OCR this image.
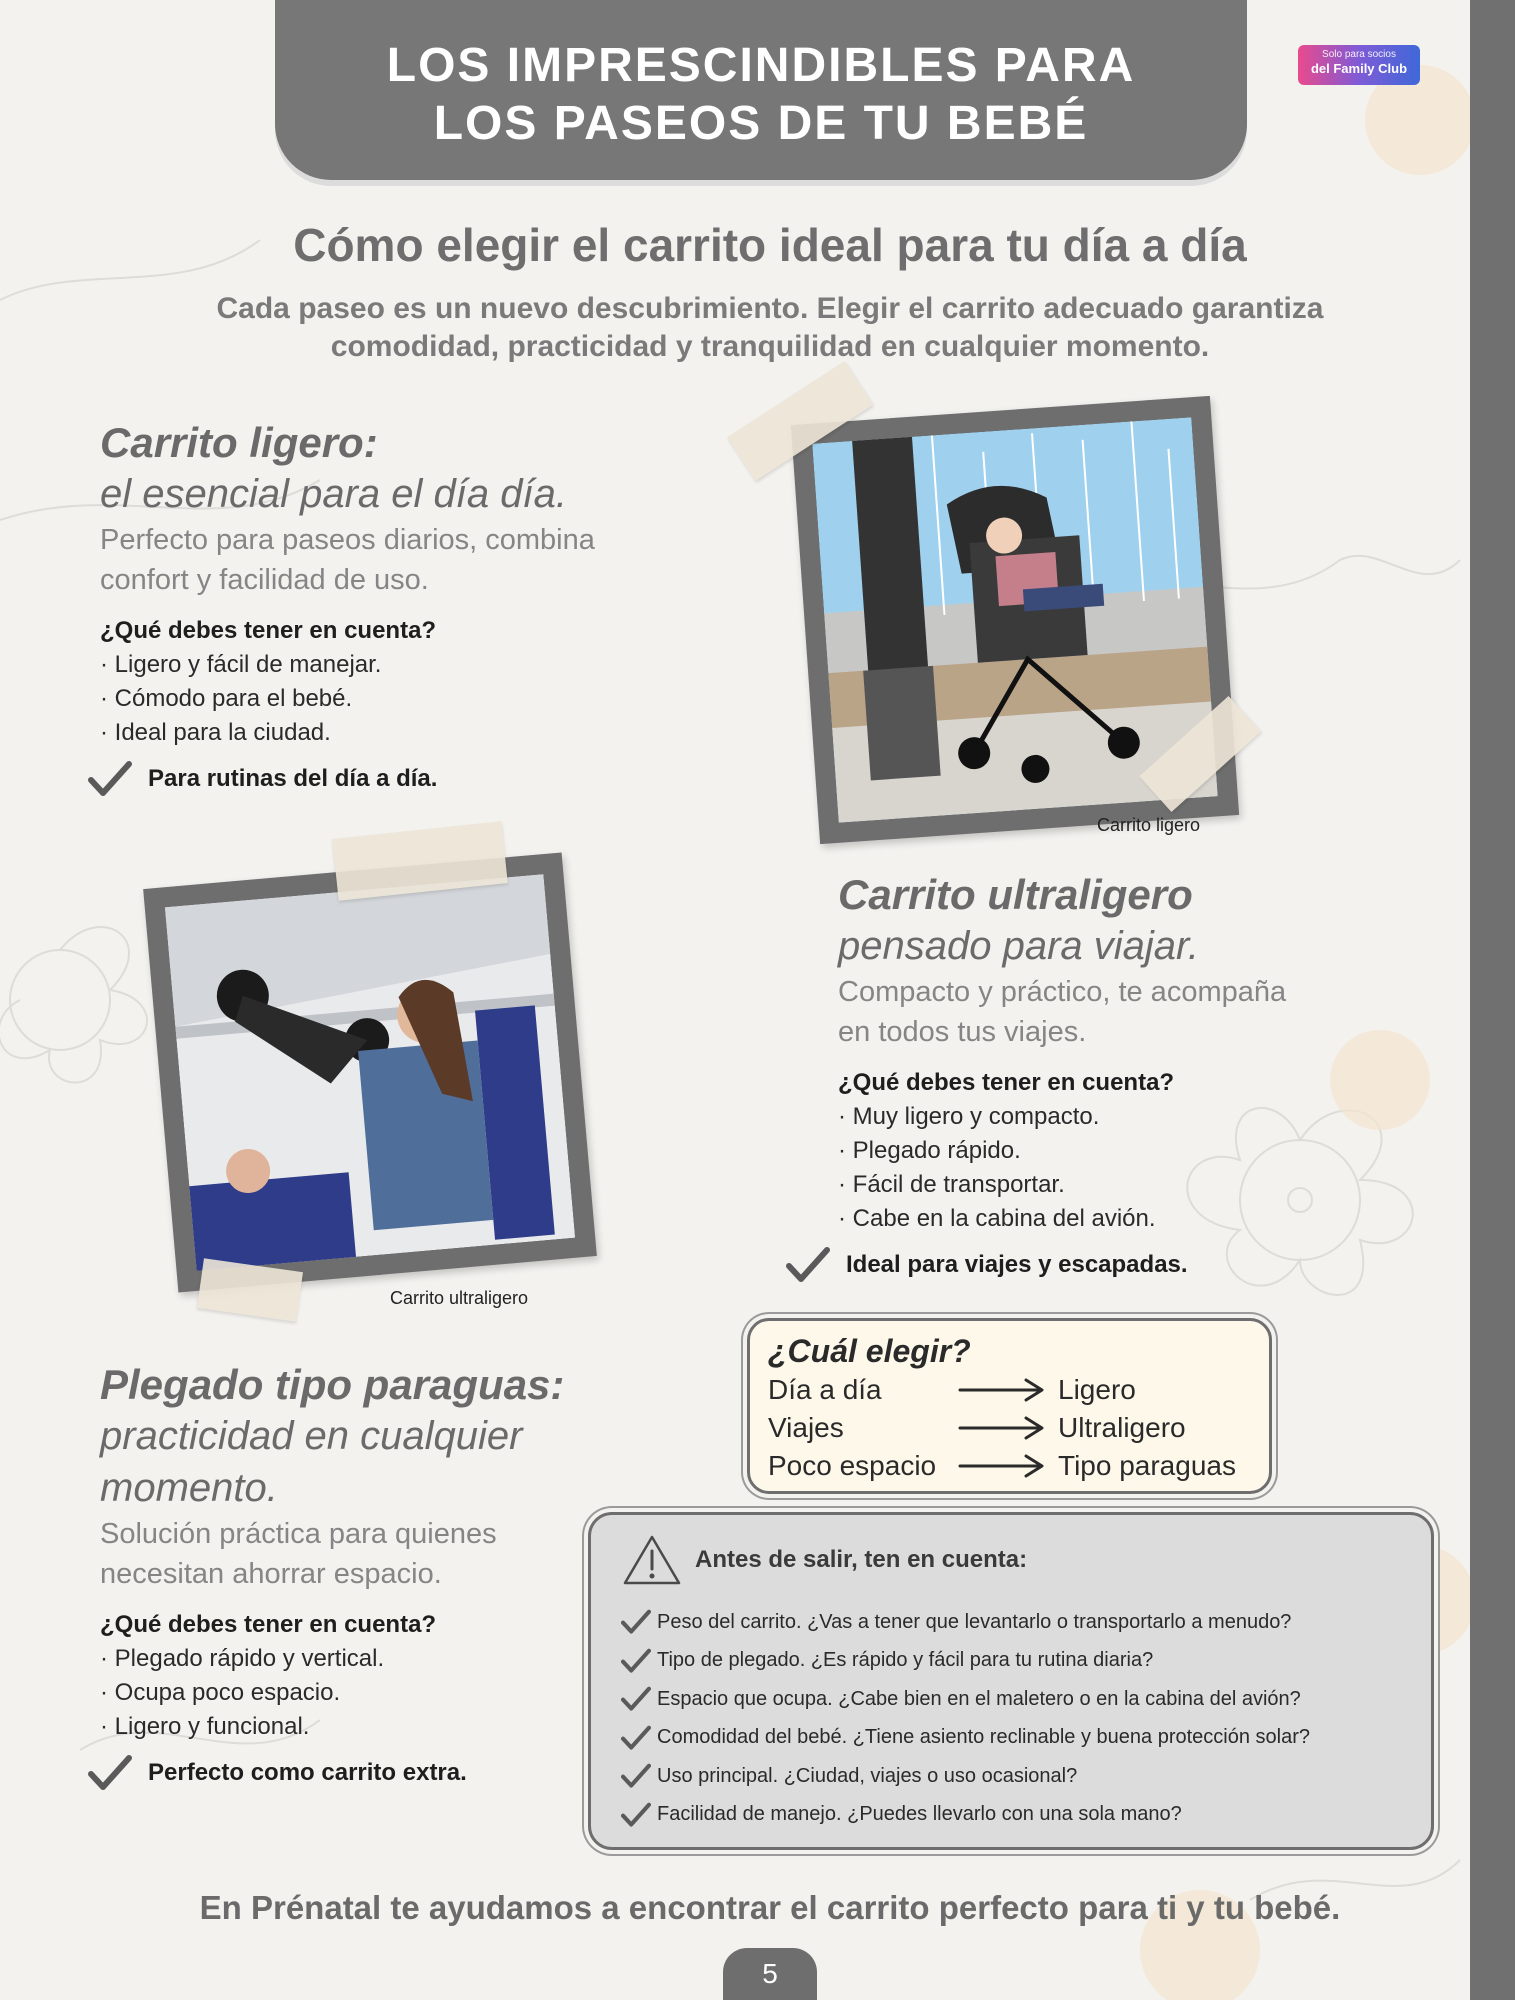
LOS IMPRESCINDIBLES PARA
LOS PASEOS DE TU BEBÉ
Solo para socios
del Family Club
Cómo elegir el carrito ideal para tu día a día
Cada paseo es un nuevo descubrimiento. Elegir el carrito adecuado garantiza
comodidad, practicidad y tranquilidad en cualquier momento.
Carrito ligero:
el esencial para el día día.
Perfecto para paseos diarios, combina
confort y facilidad de uso.
¿Qué debes tener en cuenta?
· Ligero y fácil de manejar.
· Cómodo para el bebé.
· Ideal para la ciudad.
Para rutinas del día a día.
Carrito ligero
Carrito ultraligero
pensado para viajar.
Compacto y práctico, te acompaña
en todos tus viajes.
¿Qué debes tener en cuenta?
· Muy ligero y compacto.
· Plegado rápido.
· Fácil de transportar.
· Cabe en la cabina del avión.
Ideal para viajes y escapadas.
Carrito ultraligero
Plegado tipo paraguas:
practicidad en cualquier
momento.
Solución práctica para quienes
necesitan ahorrar espacio.
¿Qué debes tener en cuenta?
· Plegado rápido y vertical.
· Ocupa poco espacio.
· Ligero y funcional.
Perfecto como carrito extra.
¿Cuál elegir?
Día a día	Ligero
Viajes	Ultraligero
Poco espacio	Tipo paraguas
Antes de salir, ten en cuenta:
Peso del carrito. ¿Vas a tener que levantarlo o transportarlo a menudo?
Tipo de plegado. ¿Es rápido y fácil para tu rutina diaria?
Espacio que ocupa. ¿Cabe bien en el maletero o en la cabina del avión?
Comodidad del bebé. ¿Tiene asiento reclinable y buena protección solar?
Uso principal. ¿Ciudad, viajes o uso ocasional?
Facilidad de manejo. ¿Puedes llevarlo con una sola mano?
En Prénatal te ayudamos a encontrar el carrito perfecto para ti y tu bebé.
5
